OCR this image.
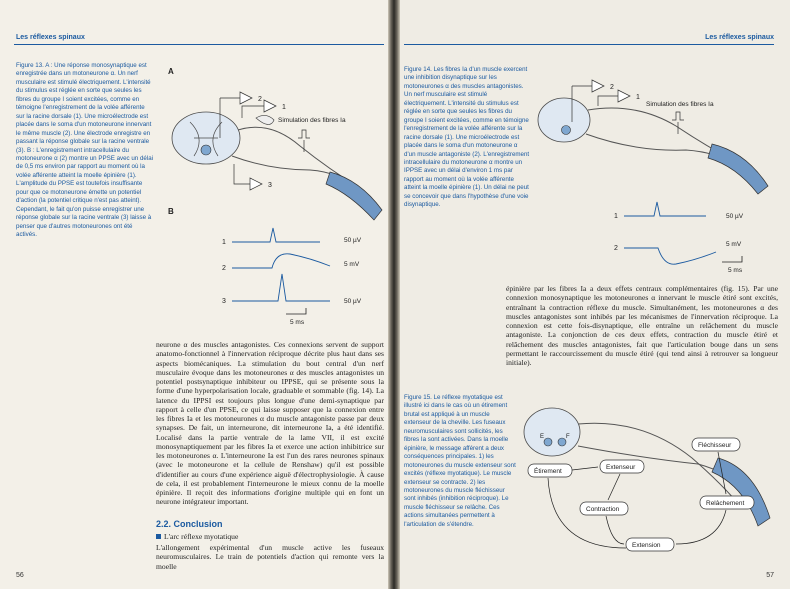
Les réflexes spinaux
Figure 13. A : Une réponse monosynaptique est enregistrée dans un motoneurone α. Un nerf musculaire est stimulé électriquement. L'intensité du stimulus est réglée en sorte que seules les fibres du groupe I soient excitées, comme en témoigne l'enregistrement de la volée afférente sur la racine dorsale (1). Une microélectrode est placée dans le soma d'un motoneurone innervant le même muscle (2). Une électrode enregistre en passant la réponse globale sur la racine ventrale (3). B : L'enregistrement intracellulaire du motoneurone α (2) montre un PPSE avec un délai de 0,5 ms environ par rapport au moment où la volée afférente atteint la moelle épinière (1). L'amplitude du PPSE est toutefois insuffisante pour que ce motoneurone émette un potentiel d'action (la potentiel critique n'est pas atteint). Cependant, le fait qu'on puisse enregistrer une réponse globale sur la racine ventrale (3) laisse à penser que d'autres motoneurones ont été activés.
A
2
1
3
Simulation des fibres Ia
B
1	50 µV
2
5 mV
3	50 µV
5 ms
neurone α des muscles antagonistes. Ces connexions servent de support anatomo-fonctionnel à l'innervation réciproque décrite plus haut dans ses aspects biomécaniques. La stimulation du bout central d'un nerf musculaire évoque dans les motoneurones α des muscles antagonistes un potentiel postsynaptique inhibiteur ou IPPSE, qui se présente sous la forme d'une hyperpolarisation locale, graduable et sommable (fig. 14). La latence du IPPSI est toujours plus longue d'une demi-synaptique par rapport à celle d'un PPSE, ce qui laisse supposer que la connexion entre les fibres Ia et les motoneurones α du muscle antagoniste passe par deux synapses. De fait, un interneurone, dit interneurone Ia, a été identifié. Localisé dans la partie ventrale de la lame VII, il est excité monosynaptiquement par les fibres Ia et exerce une action inhibitrice sur les motoneurones α. L'interneurone Ia est l'un des rares neurones spinaux (avec le motoneurone et la cellule de Renshaw) qu'il est possible d'identifier au cours d'une expérience aiguë d'électrophysiologie. À cause de cela, il est probablement l'interneurone le mieux connu de la moelle épinière. Il reçoit des informations d'origine multiple qui en font un neurone intégrateur important.
2.2. Conclusion
L'arc réflexe myotatique
L'allongement expérimental d'un muscle active les fuseaux neuromusculaires. Le train de potentiels d'action qui remonte vers la moelle
56
Les réflexes spinaux
Figure 14. Les fibres Ia d'un muscle exercent une inhibition disynaptique sur les motoneurones α des muscles antagonistes. Un nerf musculaire est stimulé électriquement. L'intensité du stimulus est réglée en sorte que seules les fibres du groupe I soient excitées, comme en témoigne l'enregistrement de la volée afférente sur la racine dorsale (1). Une microélectrode est placée dans le soma d'un motoneurone α d'un muscle antagoniste (2). L'enregistrement intracellulaire du motoneurone α montre un IPPSE avec un délai d'environ 1 ms par rapport au moment où la volée afférente atteint la moelle épinière (1). Un délai ne peut se concevoir que dans l'hypothèse d'une voie disynaptique.
2
1
Simulation des fibres Ia
1	50 µV
2
5 mV
5 ms
épinière par les fibres Ia a deux effets centraux complémentaires (fig. 15). Par une connexion monosynaptique les motoneurones α innervant le muscle étiré sont excités, entraînant la contraction réflexe du muscle. Simultanément, les motoneurones α des muscles antagonistes sont inhibés par les mécanismes de l'innervation réciproque. La connexion est cette fois-disynaptique, elle entraîne un relâchement du muscle antagoniste. La conjonction de ces deux effets, contraction du muscle étiré et relâchement des muscles antagonistes, fait que l'articulation bouge dans un sens permettant le raccourcissement du muscle étiré (qui tend ainsi à retrouver sa longueur initiale).
Figure 15. Le réflexe myotatique est illustré ici dans le cas où un étirement brutal est appliqué à un muscle extenseur de la cheville. Les fuseaux neuromusculaires sont sollicités, les fibres Ia sont activées. Dans la moelle épinière, le message afférent a deux conséquences principales. 1) les motoneurones du muscle extenseur sont excités (réflexe myotatique). Le muscle extenseur se contracte. 2) les motoneurones du muscle fléchisseur sont inhibés (inhibition réciproque). Le muscle fléchisseur se relâche. Ces actions simultanées permettent à l'articulation de s'étendre.
E	F
Étirement
Extenseur
Fléchisseur
Contraction
Relâchement
Extension
57
